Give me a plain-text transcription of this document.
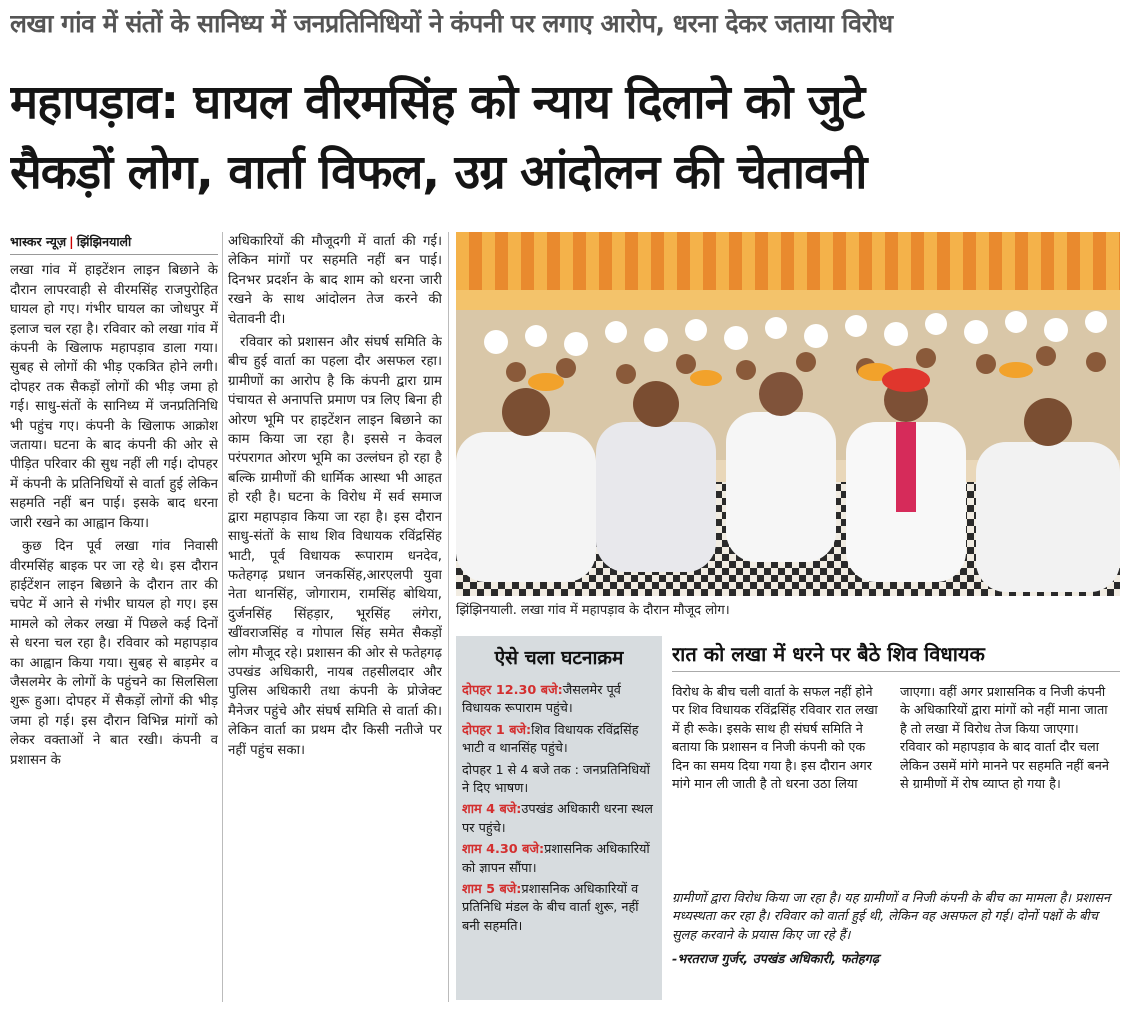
लखा गांव में संतों के सानिध्य में जनप्रतिनिधियों ने कंपनी पर लगाए आरोप, धरना देकर जताया विरोध
महापड़ाव: घायल वीरमसिंह को न्याय दिलाने को जुटे
सैकड़ों लोग, वार्ता विफल, उग्र आंदोलन की चेतावनी
भास्कर न्यूज़ | झिंझिनयाली

लखा गांव में हाइटेंशन लाइन बिछाने के दौरान लापरवाही से वीरमसिंह राजपुरोहित घायल हो गए। गंभीर घायल का जोधपुर में इलाज चल रहा है। रविवार को लखा गांव में कंपनी के खिलाफ महापड़ाव डाला गया। सुबह से लोगों की भीड़ एकत्रित होने लगी। दोपहर तक सैकड़ों लोगों की भीड़ जमा हो गई। साधु-संतों के सानिध्य में जनप्रतिनिधि भी पहुंच गए। कंपनी के खिलाफ आक्रोश जताया। घटना के बाद कंपनी की ओर से पीड़ित परिवार की सुध नहीं ली गई। दोपहर में कंपनी के प्रतिनिधियों से वार्ता हुई लेकिन सहमति नहीं बन पाई। इसके बाद धरना जारी रखने का आह्वान किया।

कुछ दिन पूर्व लखा गांव निवासी वीरमसिंह बाइक पर जा रहे थे। इस दौरान हाईटेंशन लाइन बिछाने के दौरान तार की चपेट में आने से गंभीर घायल हो गए। इस मामले को लेकर लखा में पिछले कई दिनों से धरना चल रहा है। रविवार को महापड़ाव का आह्वान किया गया। सुबह से बाड़मेर व जैसलमेर के लोगों के पहुंचने का सिलसिला शुरू हुआ। दोपहर में सैकड़ों लोगों की भीड़ जमा हो गई। इस दौरान विभिन्न मांगों को लेकर वक्ताओं ने बात रखी। कंपनी व प्रशासन के

अधिकारियों की मौजूदगी में वार्ता की गई। लेकिन मांगों पर सहमति नहीं बन पाई। दिनभर प्रदर्शन के बाद शाम को धरना जारी रखने के साथ आंदोलन तेज करने की चेतावनी दी।

रविवार को प्रशासन और संघर्ष समिति के बीच हुई वार्ता का पहला दौर असफल रहा। ग्रामीणों का आरोप है कि कंपनी द्वारा ग्राम पंचायत से अनापत्ति प्रमाण पत्र लिए बिना ही ओरण भूमि पर हाइटेंशन लाइन बिछाने का काम किया जा रहा है। इससे न केवल परंपरागत ओरण भूमि का उल्लंघन हो रहा है बल्कि ग्रामीणों की धार्मिक आस्था भी आहत हो रही है। घटना के विरोध में सर्व समाज द्वारा महापड़ाव किया जा रहा है। इस दौरान साधु-संतों के साथ शिव विधायक रविंद्रसिंह भाटी, पूर्व विधायक रूपाराम धनदेव, फतेहगढ़ प्रधान जनकसिंह,आरएलपी युवा नेता थानसिंह, जोगाराम, रामसिंह बोथिया, दुर्जनसिंह सिंहड़ार, भूरसिंह लंगेरा, खींवराजसिंह व गोपाल सिंह समेत सैकड़ों लोग मौजूद रहे। प्रशासन की ओर से फतेहगढ़ उपखंड अधिकारी, नायब तहसीलदार और पुलिस अधिकारी तथा कंपनी के प्रोजेक्ट मैनेजर पहुंचे और संघर्ष समिति से वार्ता की। लेकिन वार्ता का प्रथम दौर किसी नतीजे पर नहीं पहुंच सका।

झिंझिनयाली. लखा गांव में महापड़ाव के दौरान मौजूद लोग।
ऐसे चला घटनाक्रम
दोपहर 12.30 बजे:जैसलमेर पूर्व विधायक रूपाराम पहुंचे।
दोपहर 1 बजे:शिव विधायक रविंद्रसिंह भाटी व थानसिंह पहुंचे।
दोपहर 1 से 4 बजे तक : जनप्रतिनिधियों ने दिए भाषण।
शाम 4 बजे:उपखंड अधिकारी धरना स्थल पर पहुंचे।
शाम 4.30 बजे:प्रशासनिक अधिकारियों को ज्ञापन सौंपा।
शाम 5 बजे:प्रशासनिक अधिकारियों व प्रतिनिधि मंडल के बीच वार्ता शुरू, नहीं बनी सहमति।
रात को लखा में धरने पर बैठे शिव विधायक
विरोध के बीच चली वार्ता के सफल नहीं होने पर शिव विधायक रविंद्रसिंह रविवार रात लखा में ही रूके। इसके साथ ही संघर्ष समिति ने बताया कि प्रशासन व निजी कंपनी को एक दिन का समय दिया गया है। इस दौरान अगर मांगे मान ली जाती है तो धरना उठा लिया
जाएगा। वहीं अगर प्रशासनिक व निजी कंपनी के अधिकारियों द्वारा मांगों को नहीं माना जाता है तो लखा में विरोध तेज किया जाएगा। रविवार को महापड़ाव के बाद वार्ता दौर चला लेकिन उसमें मांगे मानने पर सहमति नहीं बनने से ग्रामीणों में रोष व्याप्त हो गया है।
ग्रामीणों द्वारा विरोध किया जा रहा है। यह ग्रामीणों व निजी कंपनी के बीच का मामला है। प्रशासन मध्यस्थता कर रहा है। रविवार को वार्ता हुई थी, लेकिन वह असफल हो गई। दोनों पक्षों के बीच सुलह करवाने के प्रयास किए जा रहे हैं।
-भरतराज गुर्जर, उपखंड अधिकारी, फतेहगढ़
